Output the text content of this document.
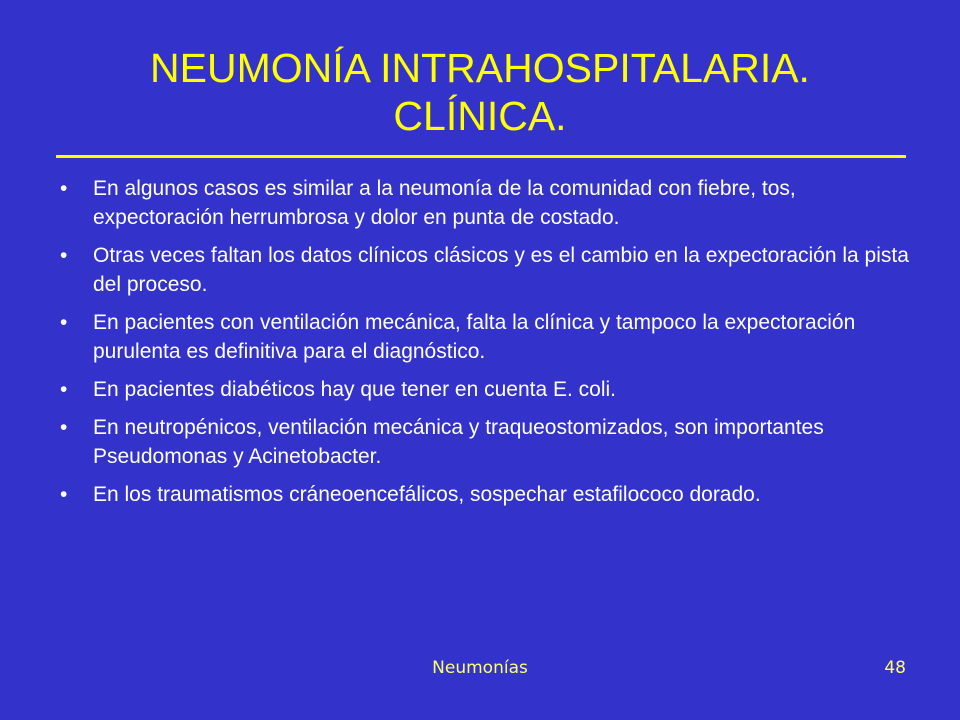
NEUMONÍA INTRAHOSPITALARIA.
CLÍNICA.
•	En algunos casos es similar a la neumonía de la comunidad con fiebre, tos, expectoración herrumbrosa y dolor en punta de costado.
•	Otras veces faltan los datos clínicos clásicos y es el cambio en la expectoración la pista del proceso.
•	En pacientes con ventilación mecánica, falta la clínica y tampoco la expectoración purulenta es definitiva para el diagnóstico.
•	En pacientes diabéticos hay que tener en cuenta E. coli.
•	En neutropénicos, ventilación mecánica y traqueostomizados, son importantes Pseudomonas y Acinetobacter.
•	En los traumatismos cráneoencefálicos, sospechar estafilococo dorado.
Neumonías	48
